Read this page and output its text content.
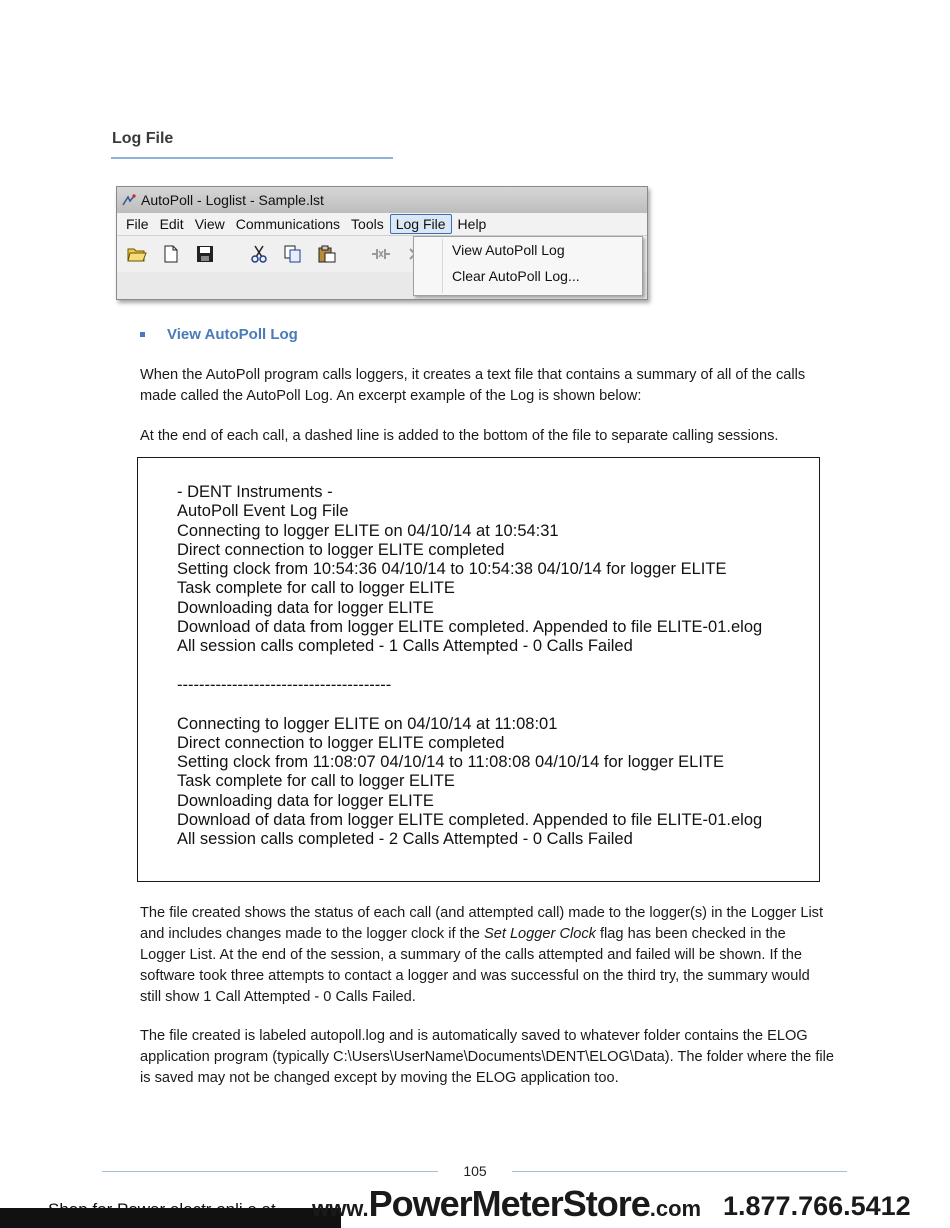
Log File
AutoPoll - Loglist - Sample.lst
File Edit View Communications Tools Log File Help
View AutoPoll Log
Clear AutoPoll Log...
View AutoPoll Log
When the AutoPoll program calls loggers, it creates a text file that contains a summary of all of the calls made called the AutoPoll Log. An excerpt example of the Log is shown below:
At the end of each call, a dashed line is added to the bottom of the file to separate calling sessions.
- DENT Instruments -
AutoPoll Event Log File
Connecting to logger ELITE on 04/10/14 at 10:54:31
Direct connection to logger ELITE completed
Setting clock from 10:54:36 04/10/14 to 10:54:38 04/10/14 for logger ELITE
Task complete for call to logger ELITE
Downloading data for logger ELITE
Download of data from logger ELITE completed. Appended to file ELITE-01.elog
All session calls completed - 1 Calls Attempted - 0 Calls Failed
---------------------------------------
Connecting to logger ELITE on 04/10/14 at 11:08:01
Direct connection to logger ELITE completed
Setting clock from 11:08:07 04/10/14 to 11:08:08 04/10/14 for logger ELITE
Task complete for call to logger ELITE
Downloading data for logger ELITE
Download of data from logger ELITE completed. Appended to file ELITE-01.elog
All session calls completed - 2 Calls Attempted - 0 Calls Failed
The file created shows the status of each call (and attempted call) made to the logger(s) in the Logger List and includes changes made to the logger clock if the Set Logger Clock flag has been checked in the Logger List. At the end of the session, a summary of the calls attempted and failed will be shown. If the software took three attempts to contact a logger and was successful on the third try, the summary would still show 1 Call Attempted - 0 Calls Failed.
The file created is labeled autopoll.log and is automatically saved to whatever folder contains the ELOG application program (typically C:\Users\UserName\Documents\DENT\ELOG\Data). The folder where the file is saved may not be changed except by moving the ELOG application too.
105
www.PowerMeterStore.com 1.877.766.5412
